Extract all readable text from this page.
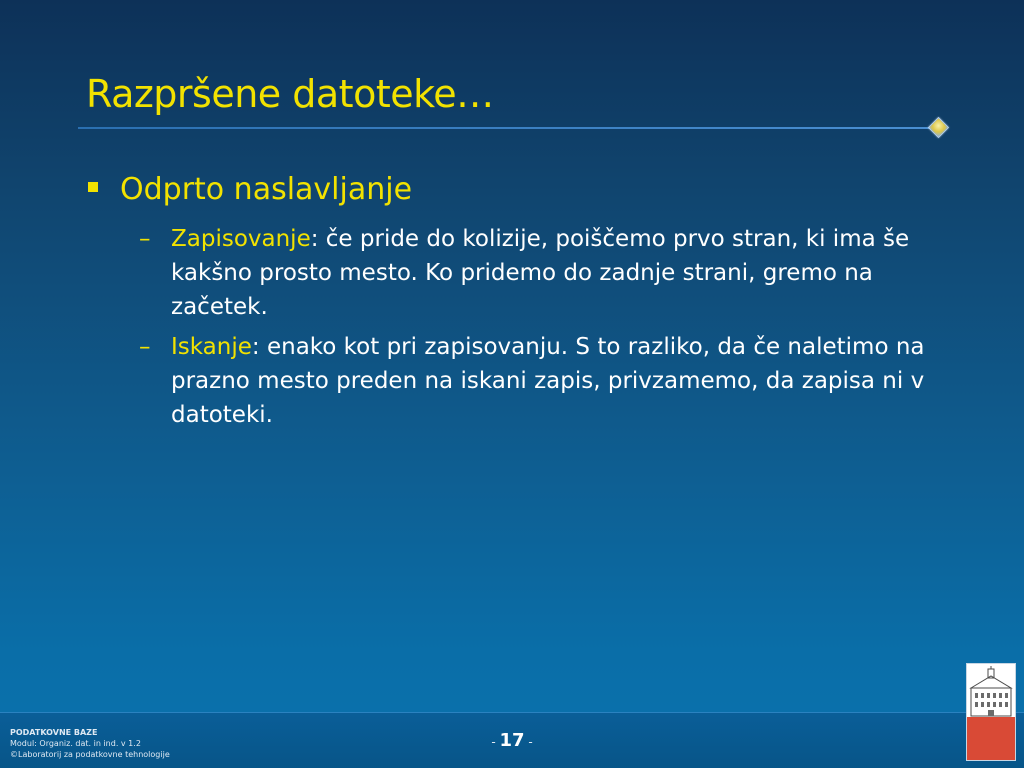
Razpršene datoteke…
Odprto naslavljanje
– Zapisovanje: če pride do kolizije, poiščemo prvo stran, ki ima še kakšno prosto mesto. Ko pridemo do zadnje strani, gremo na začetek.
– Iskanje: enako kot pri zapisovanju. S to razliko, da če naletimo na prazno mesto preden na iskani zapis, privzamemo, da zapisa ni v datoteki.
PODATKOVNE BAZE
Modul: Organiz. dat. in ind. v 1.2
©Laboratorij za podatkovne tehnologije
- 17 -
